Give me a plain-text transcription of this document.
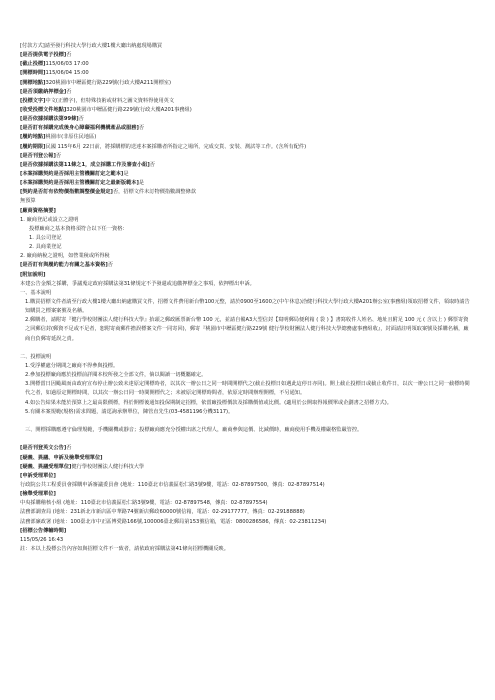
[付款方式]請至發行科技大學行政大樓1樓大廳出納處現場購買
[是否提供電子投標]否
[截止投標]115/06/03 17:00
[開標時間]115/06/04 15:00
[開標地點]320桃園市中壢區健行路229號(行政大樓A211開標室)
[是否須繳納押標金]否
[投標文字]中文(正體字)，但特殊技術或材料之圖文資料得使用英文
[收受投標文件地點]320桃園市中壢區健行路229號(行政大樓A201事務組)
[是否依據採購法第99條]否
[是否訂有採購完成後身心障礙福利機構產品或服務]否
[履約地點]桃園市(非原住民地區)
[履約期限]民國 115年6月 22日前，將採購標的送達本案採購者所指定之場所，完成交貨、安裝、測試等工作。(含所有配件)
[是否刊登公報]否
[是否依據採購法第11條之1，成立採購工作及審查小組]否
[本案採購契約是否採用主管機關訂定之範本]是
[本案採購契約是否採用主管機關訂定之最新版範本]是
[契約是否訂有依物價指數調整價金規定]否，招標文件未訂物價指數調整條款
無預算
[廠商資格摘要]
1. 廠商登記或設立之證明
投標廠商之基本資格須符合以下任一資格：
1. 具公司登記
2. 具商業登記
2. 廠商納稅之證明，如營業稅或所得稅
[是否訂有與履約能力有關之基本資格]否
[附加說明]
本建公告金額之採購，爭議蒐定政府採購法第31條規定不予發還或追繳押標金之事項，依押標出申訴。
一、基本說明

1.購買招標文件者請至行政大樓1樓大廳出納處購買文件，招標文件費用新台幣100元整，請於0900至1600之(中午休息)洽健行科技大學行政大樓A201辦公室(事務組)領取招標文件，領取時請告知購買之標案案號及名稱。

2.郵購者，請附寄『健行學校財團法人健行科技大學』抬頭之郵政匯票新台幣 100 元，並請自備A3大型信封【寫明郵局便利箱 ( 袋 ) 】書寫收件人姓名、地址且附足 100 元 ( 含以上 ) 郵票寄資之回郵信封(郵資不足或不足者，恕附寄商郵件擔誤標案文件一同寄回)，郵寄『桃園市中壢區健行路229號 健行學校財團法人健行科技大學總務處事務組收』，封面請註明領取案號及採購名稱，廠商自負郵寄延誤之責。

二、投標說明

1.受浮權處分期間之廠商不得參與投標。

2.參加投標廠商應於投標前詳閱本校所發之全部文件，倘以閱讀一切概屬確定。

3.開標當日因颱風而由政府宣布停止辦公致未達原定開標時者，以其次一辦公日之同一時間開標代之(截止投標日如遇此這停日亦同)。開上截止投標日或截止收件日，以次一辦公日之同一截標時間代之者，如過原定開標時間，以其次一辦公日同一時間開標代之；未被原定開標時間者，依原定時間辦理開標，不另通知。

4.如公告結果未能於預算上之最高限價標，得於開標後通知投保期制定招標，依當廠投標價款及採購價值或比價。(適用於公開取得報價單或企劃書之招標方式)。

5.有關本案規範(規格)需求問題，請逕詢承辦單位，陳管直先生(03-4581196分機3117)。

三、開標採購應遵守倫理規範，手機關機或靜音；投標廠商應充分授權出席之代理人，廠商參與這價、比減價時，廠商使用手機及權嚴格監嚴管控。

[是否刊登英文公告]否
[疑義、異議、申訴及檢舉受理單位]
[疑義、異議受理單位]健行學校財團法人健行科技大學
[申訴受理單位]
行政院公共工程委員會採購申訴審議委員會 (地址：110臺北市信義區松仁路3號9樓，電話：02-87897500，傳真：02-87897514)
[檢舉受理單位]
中央採購稽核小組 (地址：110臺北市信義區松仁路3號9樓，電話：02-87897548，傳真：02-87897554)
法務部調查局 (地址：231新北市新店區中華路74號新店郵政60000號信箱，電話：02-29177777，傳真：02-29188888)
法務部廉政署 (地址：100臺北市中正區博愛路166號,100006臺北郵局第153號信箱，電話：0800286586，傳真：02-23811234)
[招標公告傳輸時間]
115/05/26 16:43
註：本以上投標公告內容如與招標文件不一致者，請依政府採購法第41條向招標機關反映。
